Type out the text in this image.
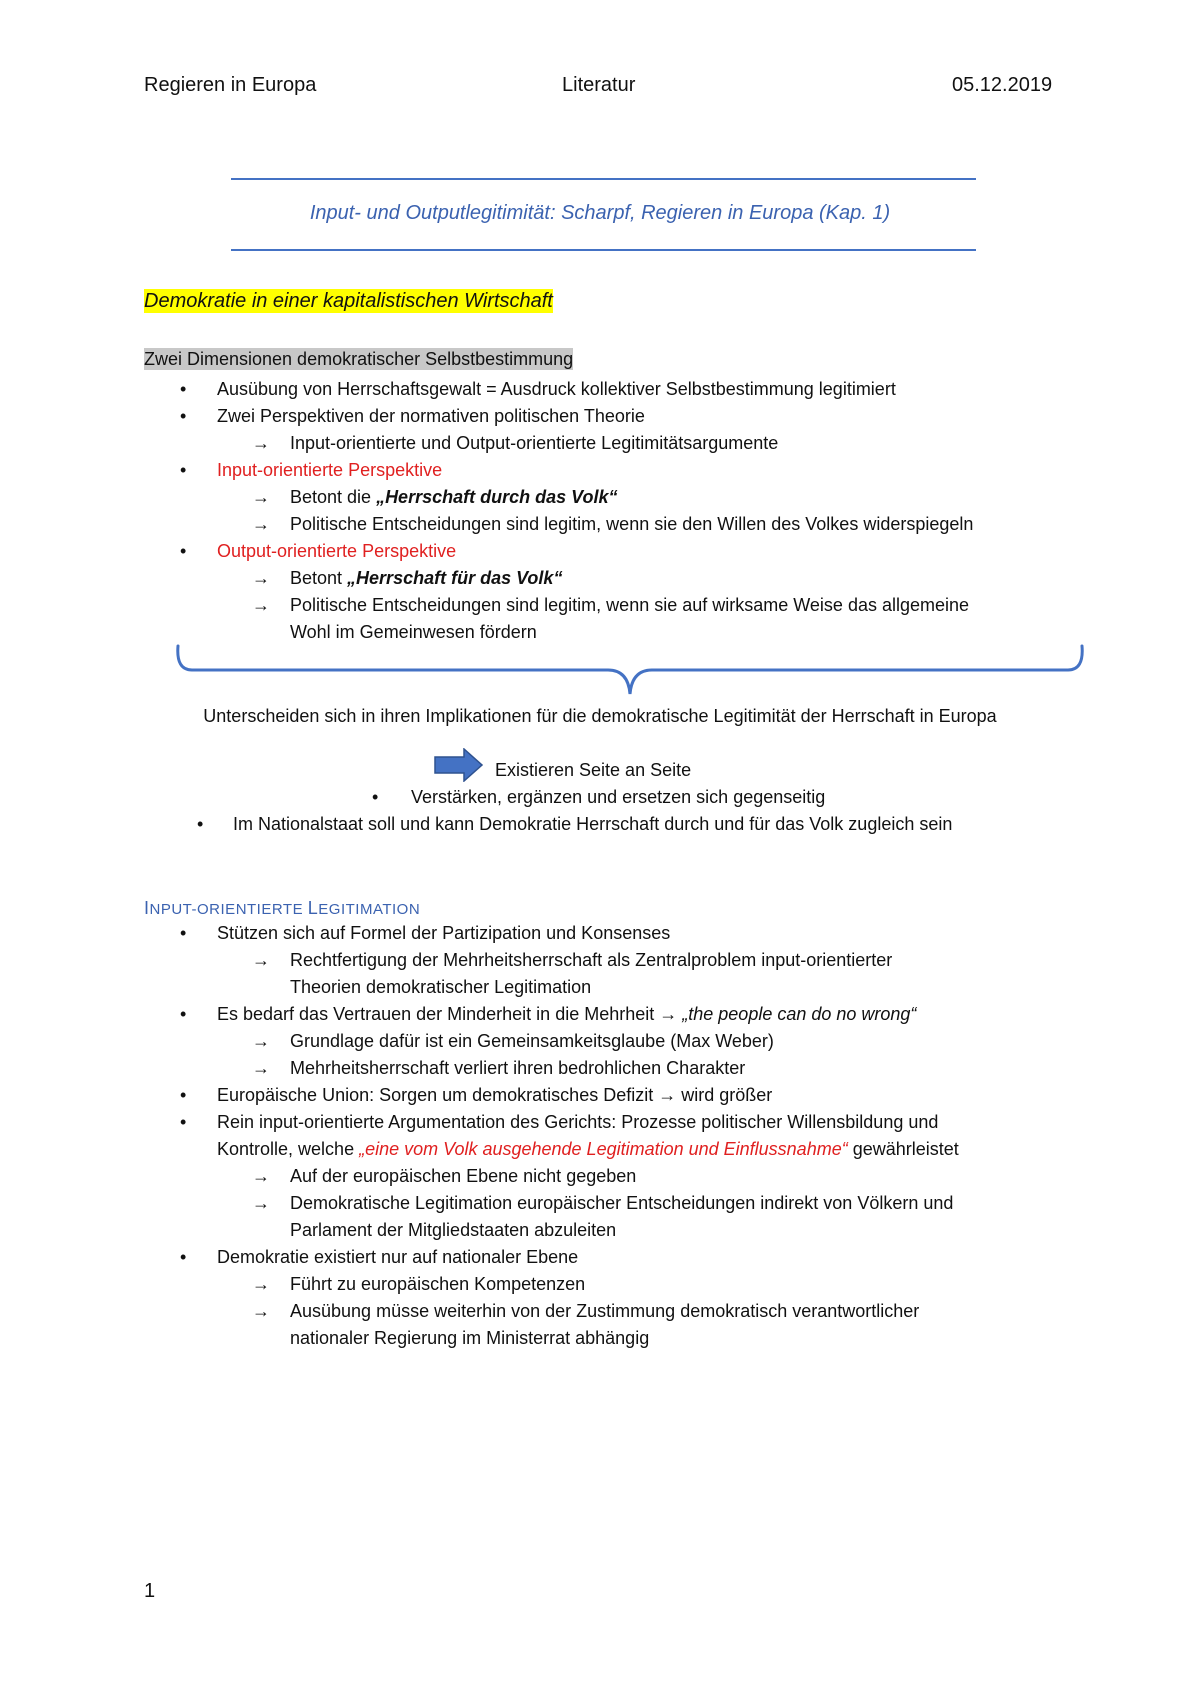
Regieren in Europa	Literatur	05.12.2019
Input- und Outputlegitimität: Scharpf, Regieren in Europa (Kap. 1)
Demokratie in einer kapitalistischen Wirtschaft
Zwei Dimensionen demokratischer Selbstbestimmung
•	Ausübung von Herrschaftsgewalt = Ausdruck kollektiver Selbstbestimmung legitimiert
•	Zwei Perspektiven der normativen politischen Theorie
→ Input-orientierte und Output-orientierte Legitimitätsargumente
•	Input-orientierte Perspektive
→ Betont die „Herrschaft durch das Volk“
→ Politische Entscheidungen sind legitim, wenn sie den Willen des Volkes widerspiegeln
•	Output-orientierte Perspektive
→ Betont „Herrschaft für das Volk“
→ Politische Entscheidungen sind legitim, wenn sie auf wirksame Weise das allgemeine
Wohl im Gemeinwesen fördern
Unterscheiden sich in ihren Implikationen für die demokratische Legitimität der Herrschaft in Europa
Existieren Seite an Seite
•	Verstärken, ergänzen und ersetzen sich gegenseitig
•	Im Nationalstaat soll und kann Demokratie Herrschaft durch und für das Volk zugleich sein
INPUT-ORIENTIERTE LEGITIMATION
•	Stützen sich auf Formel der Partizipation und Konsenses
→ Rechtfertigung der Mehrheitsherrschaft als Zentralproblem input-orientierter
Theorien demokratischer Legitimation
•	Es bedarf das Vertrauen der Minderheit in die Mehrheit → „the people can do no wrong“
→ Grundlage dafür ist ein Gemeinsamkeitsglaube (Max Weber)
→ Mehrheitsherrschaft verliert ihren bedrohlichen Charakter
•	Europäische Union: Sorgen um demokratisches Defizit → wird größer
•	Rein input-orientierte Argumentation des Gerichts: Prozesse politischer Willensbildung und
Kontrolle, welche „eine vom Volk ausgehende Legitimation und Einflussnahme“ gewährleistet
→ Auf der europäischen Ebene nicht gegeben
→ Demokratische Legitimation europäischer Entscheidungen indirekt von Völkern und
Parlament der Mitgliedstaaten abzuleiten
•	Demokratie existiert nur auf nationaler Ebene
→ Führt zu europäischen Kompetenzen
→ Ausübung müsse weiterhin von der Zustimmung demokratisch verantwortlicher
nationaler Regierung im Ministerrat abhängig
1
